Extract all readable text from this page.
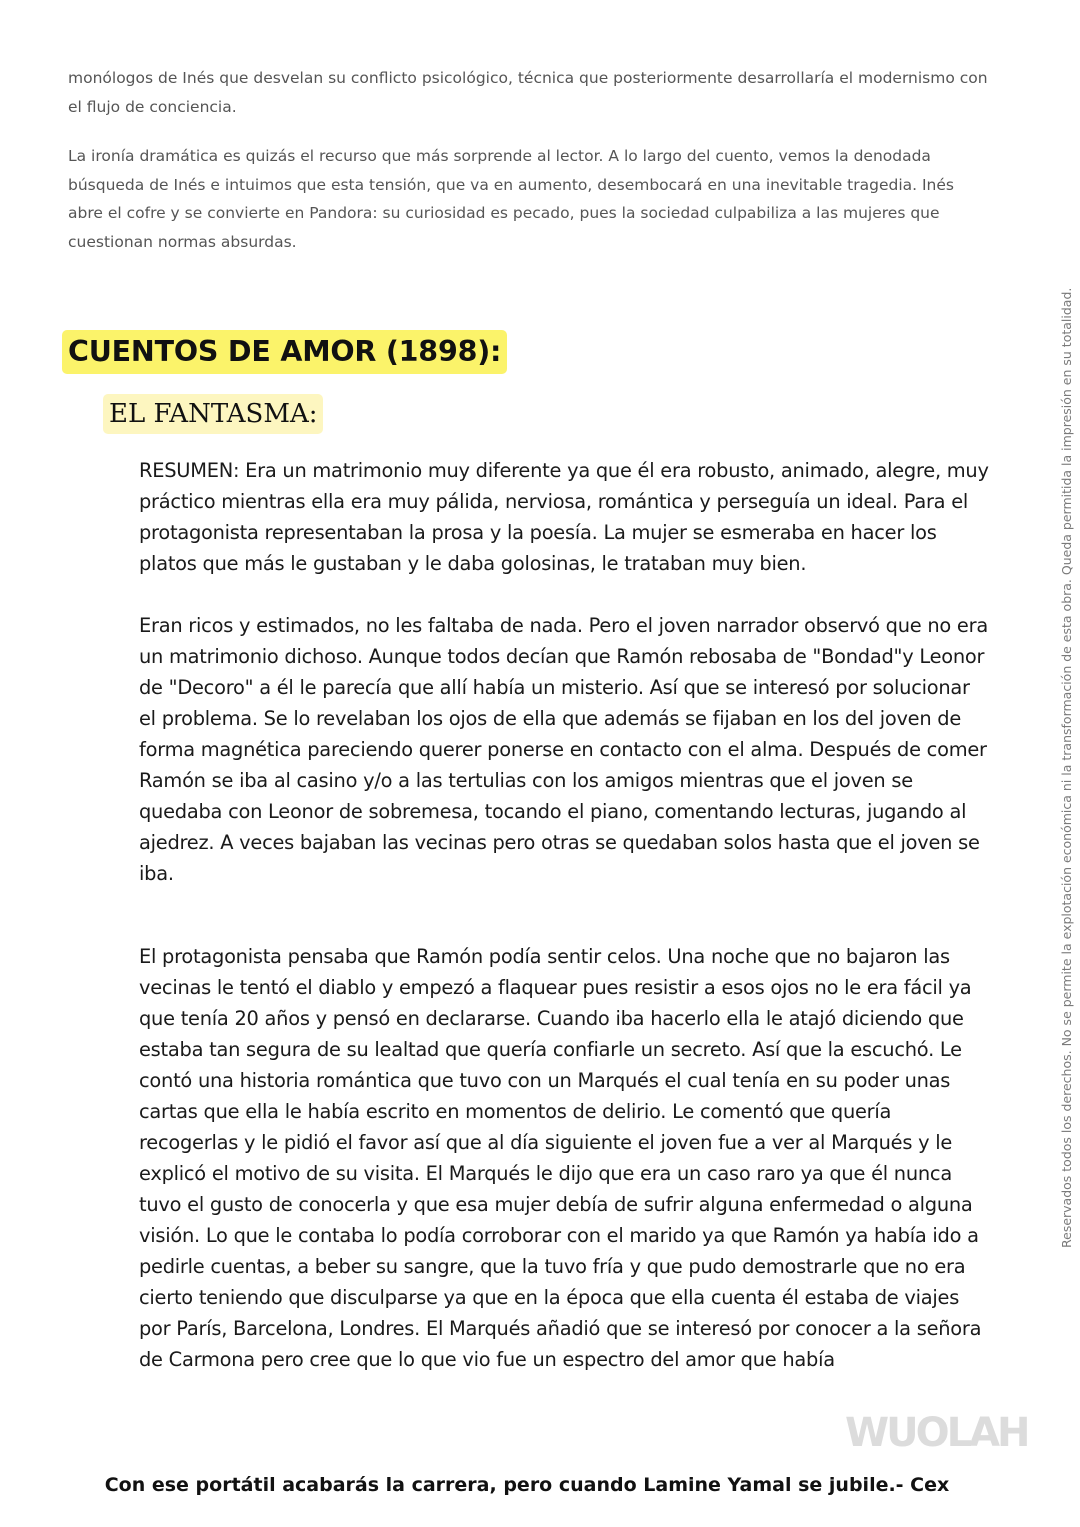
monólogos de Inés que desvelan su conflicto psicológico, técnica que posteriormente desarrollaría el modernismo con el flujo de conciencia.

La ironía dramática es quizás el recurso que más sorprende al lector. A lo largo del cuento, vemos la denodada búsqueda de Inés e intuimos que esta tensión, que va en aumento, desembocará en una inevitable tragedia. Inés abre el cofre y se convierte en Pandora: su curiosidad es pecado, pues la sociedad culpabiliza a las mujeres que cuestionan normas absurdas.

CUENTOS DE AMOR (1898):
EL FANTASMA:

RESUMEN: Era un matrimonio muy diferente ya que él era robusto, animado, alegre, muy práctico mientras ella era muy pálida, nerviosa, romántica y perseguía un ideal. Para el protagonista representaban la prosa y la poesía. La mujer se esmeraba en hacer los platos que más le gustaban y le daba golosinas, le trataban muy bien.

Eran ricos y estimados, no les faltaba de nada. Pero el joven narrador observó que no era un matrimonio dichoso. Aunque todos decían que Ramón rebosaba de "Bondad"y Leonor de "Decoro" a él le parecía que allí había un misterio. Así que se interesó por solucionar el problema. Se lo revelaban los ojos de ella que además se fijaban en los del joven de forma magnética pareciendo querer ponerse en contacto con el alma. Después de comer Ramón se iba al casino y/o a las tertulias con los amigos mientras que el joven se quedaba con Leonor de sobremesa, tocando el piano, comentando lecturas, jugando al ajedrez. A veces bajaban las vecinas pero otras se quedaban solos hasta que el joven se iba.

El protagonista pensaba que Ramón podía sentir celos. Una noche que no bajaron las vecinas le tentó el diablo y empezó a flaquear pues resistir a esos ojos no le era fácil ya que tenía 20 años y pensó en declararse. Cuando iba hacerlo ella le atajó diciendo que estaba tan segura de su lealtad que quería confiarle un secreto. Así que la escuchó. Le contó una historia romántica que tuvo con un Marqués el cual tenía en su poder unas cartas que ella le había escrito en momentos de delirio. Le comentó que quería recogerlas y le pidió el favor así que al día siguiente el joven fue a ver al Marqués y le explicó el motivo de su visita. El Marqués le dijo que era un caso raro ya que él nunca tuvo el gusto de conocerla y que esa mujer debía de sufrir alguna enfermedad o alguna visión. Lo que le contaba lo podía corroborar con el marido ya que Ramón ya había ido a pedirle cuentas, a beber su sangre, que la tuvo fría y que pudo demostrarle que no era cierto teniendo que disculparse ya que en la época que ella cuenta él estaba de viajes por París, Barcelona, Londres. El Marqués añadió que se interesó por conocer a la señora de Carmona pero cree que lo que vio fue un espectro del amor que había

Reservados todos los derechos. No se permite la explotación económica ni la transformación de esta obra. Queda permitida la impresión en su totalidad.

WUOLAH

Con ese portátil acabarás la carrera, pero cuando Lamine Yamal se jubile.- Cex
